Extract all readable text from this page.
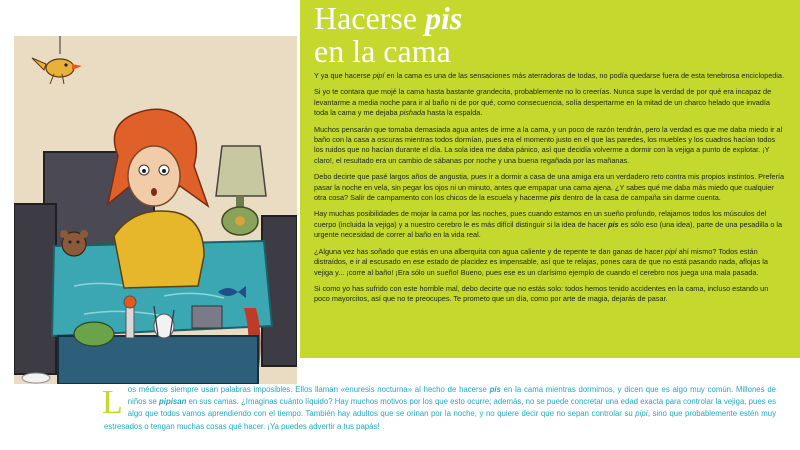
Hacerse pis
en la cama

Y ya que hacerse pipí en la cama es una de las sensaciones más aterradoras de todas, no podía quedarse fuera de esta tenebrosa enciclopedia.

Si yo te contara que mojé la cama hasta bastante grandecita, probablemente no lo creerías. Nunca supe la verdad de por qué era incapaz de levantarme a media noche para ir al baño ni de por qué, como consecuencia, solía despertarme en la mitad de un charco helado que invadía toda la cama y me dejaba pishada hasta la espalda.

Muchos pensarán que tomaba demasiada agua antes de irme a la cama, y un poco de razón tendrán, pero la verdad es que me daba miedo ir al baño con la casa a oscuras mientras todos dormían, pues era el momento justo en el que las paredes, los muebles y los cuadros hacían todos los ruidos que no hacían durante el día. La sola idea me daba pánico, así que decidía volverme a dormir con la vejiga a punto de explotar. ¡Y claro!, el resultado era un cambio de sábanas por noche y una buena regañada por las mañanas.

Debo decirte que pasé largos años de angustia, pues ir a dormir a casa de una amiga era un verdadero reto contra mis propios instintos. Prefería pasar la noche en vela, sin pegar los ojos ni un minuto, antes que empapar una cama ajena. ¿Y sabes qué me daba más miedo que cualquier otra cosa? Salir de campamento con los chicos de la escuela y hacerme pis dentro de la casa de campaña sin darme cuenta.

Hay muchas posibilidades de mojar la cama por las noches, pues cuando estamos en un sueño profundo, relajamos todos los músculos del cuerpo (incluida la vejiga) y a nuestro cerebro le es más difícil distinguir si la idea de hacer pis es sólo eso (una idea), parte de una pesadilla o la urgente necesidad de correr al baño en la vida real.

¿Alguna vez has soñado que estás en una alberquita con agua caliente y de repente te dan ganas de hacer pipí ahí mismo? Todos están distraídos, e ir al escusado en ese estado de placidez es impensable, así que te relajas, pones cara de que no está pasando nada, aflojas la vejiga y... ¡corre al baño! ¡Era sólo un sueño! Bueno, pues ese es un clarísimo ejemplo de cuando el cerebro nos juega una mala pasada.

Si como yo has sufrido con este horrible mal, debo decirte que no estás solo: todos hemos tenido accidentes en la cama, incluso estando un poco mayorcitos, así que no te preocupes. Te prometo que un día, como por arte de magia, dejarás de pasar.

L os médicos siempre usan palabras imposibles. Ellos llaman «enuresis nocturna» al hecho de hacerse pis en la cama mientras dormimos, y dicen que es algo muy común. Millones de niños se pipisan en sus camas. ¿Imaginas cuánto líquido? Hay muchos motivos por los que esto ocurre; además, no se puede concretar una edad exacta para controlar la vejiga, pues es algo que todos vamos aprendiendo con el tiempo. También hay adultos que se orinan por la noche, y no quiere decir que no sepan controlar su pipí, sino que probablemente estén muy estresados o tengan muchas cosas qué hacer. ¡Ya puedes advertir a tus papás!
